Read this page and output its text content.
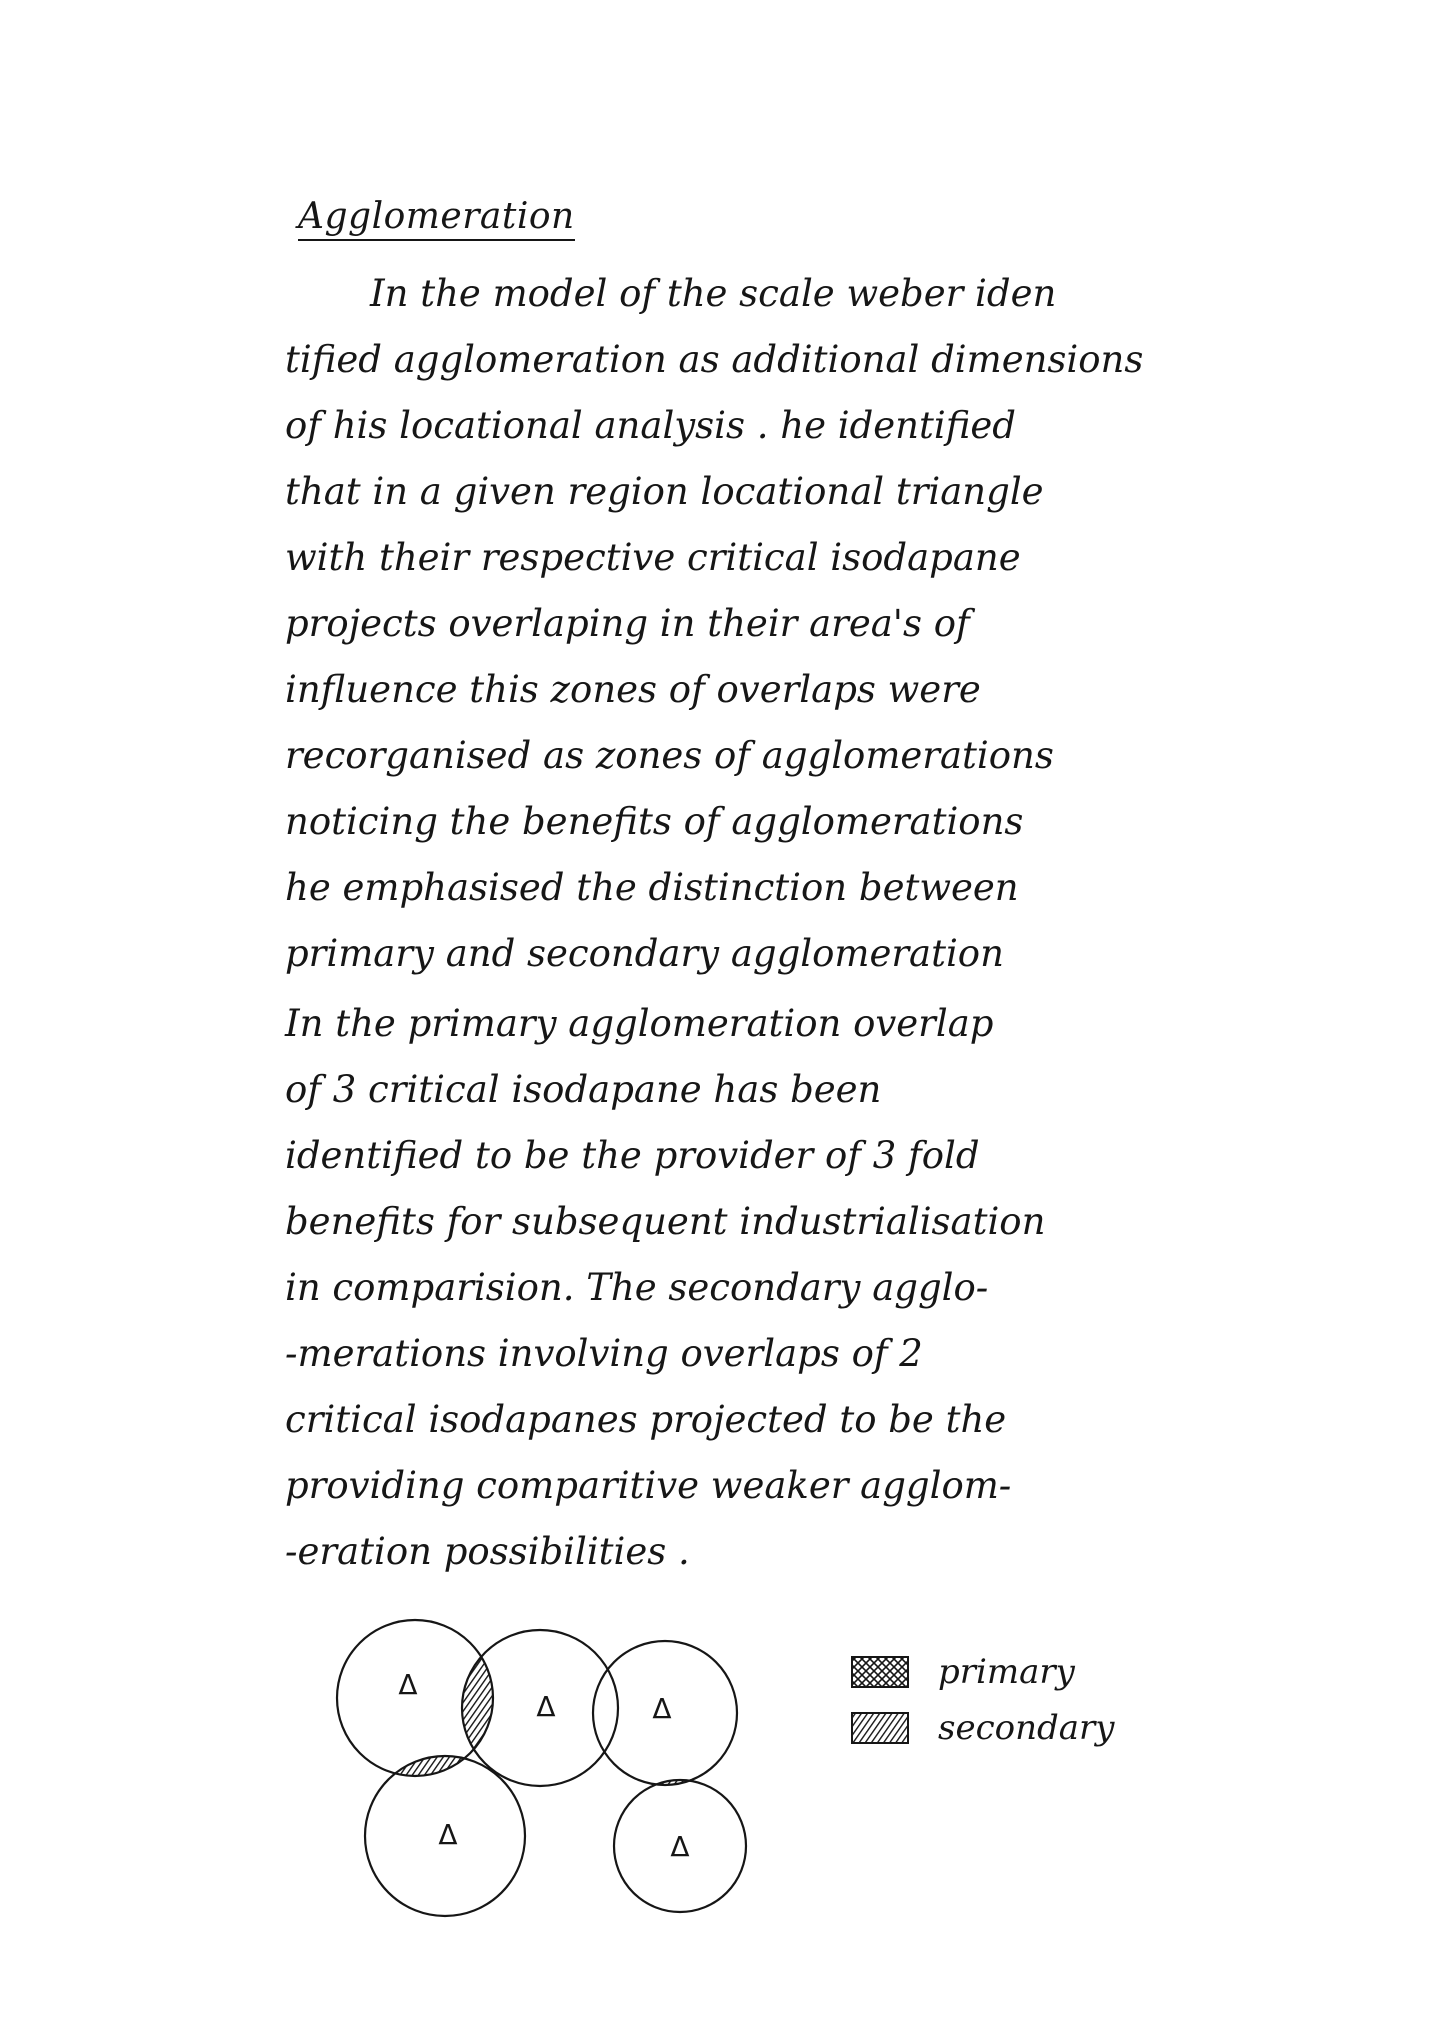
Agglomeration
In the model of the scale weber iden
tified agglomeration as additional dimensions
of his locational analysis . he identified
that in a given region locational triangle
with their respective critical isodapane
projects overlaping in their area's of
influence this zones of overlaps were
recorganised as zones of agglomerations
noticing the benefits of agglomerations
he emphasised the distinction between
primary and secondary agglomeration
In the primary agglomeration overlap
of 3 critical isodapane has been
identified to be the provider of 3 fold
benefits for subsequent industrialisation
in comparision. The secondary agglo-
-merations involving overlaps of 2
critical isodapanes projected to be the
providing comparitive weaker agglom-
-eration possibilities .
Δ
Δ	Δ
Δ	Δ
primary
secondary
